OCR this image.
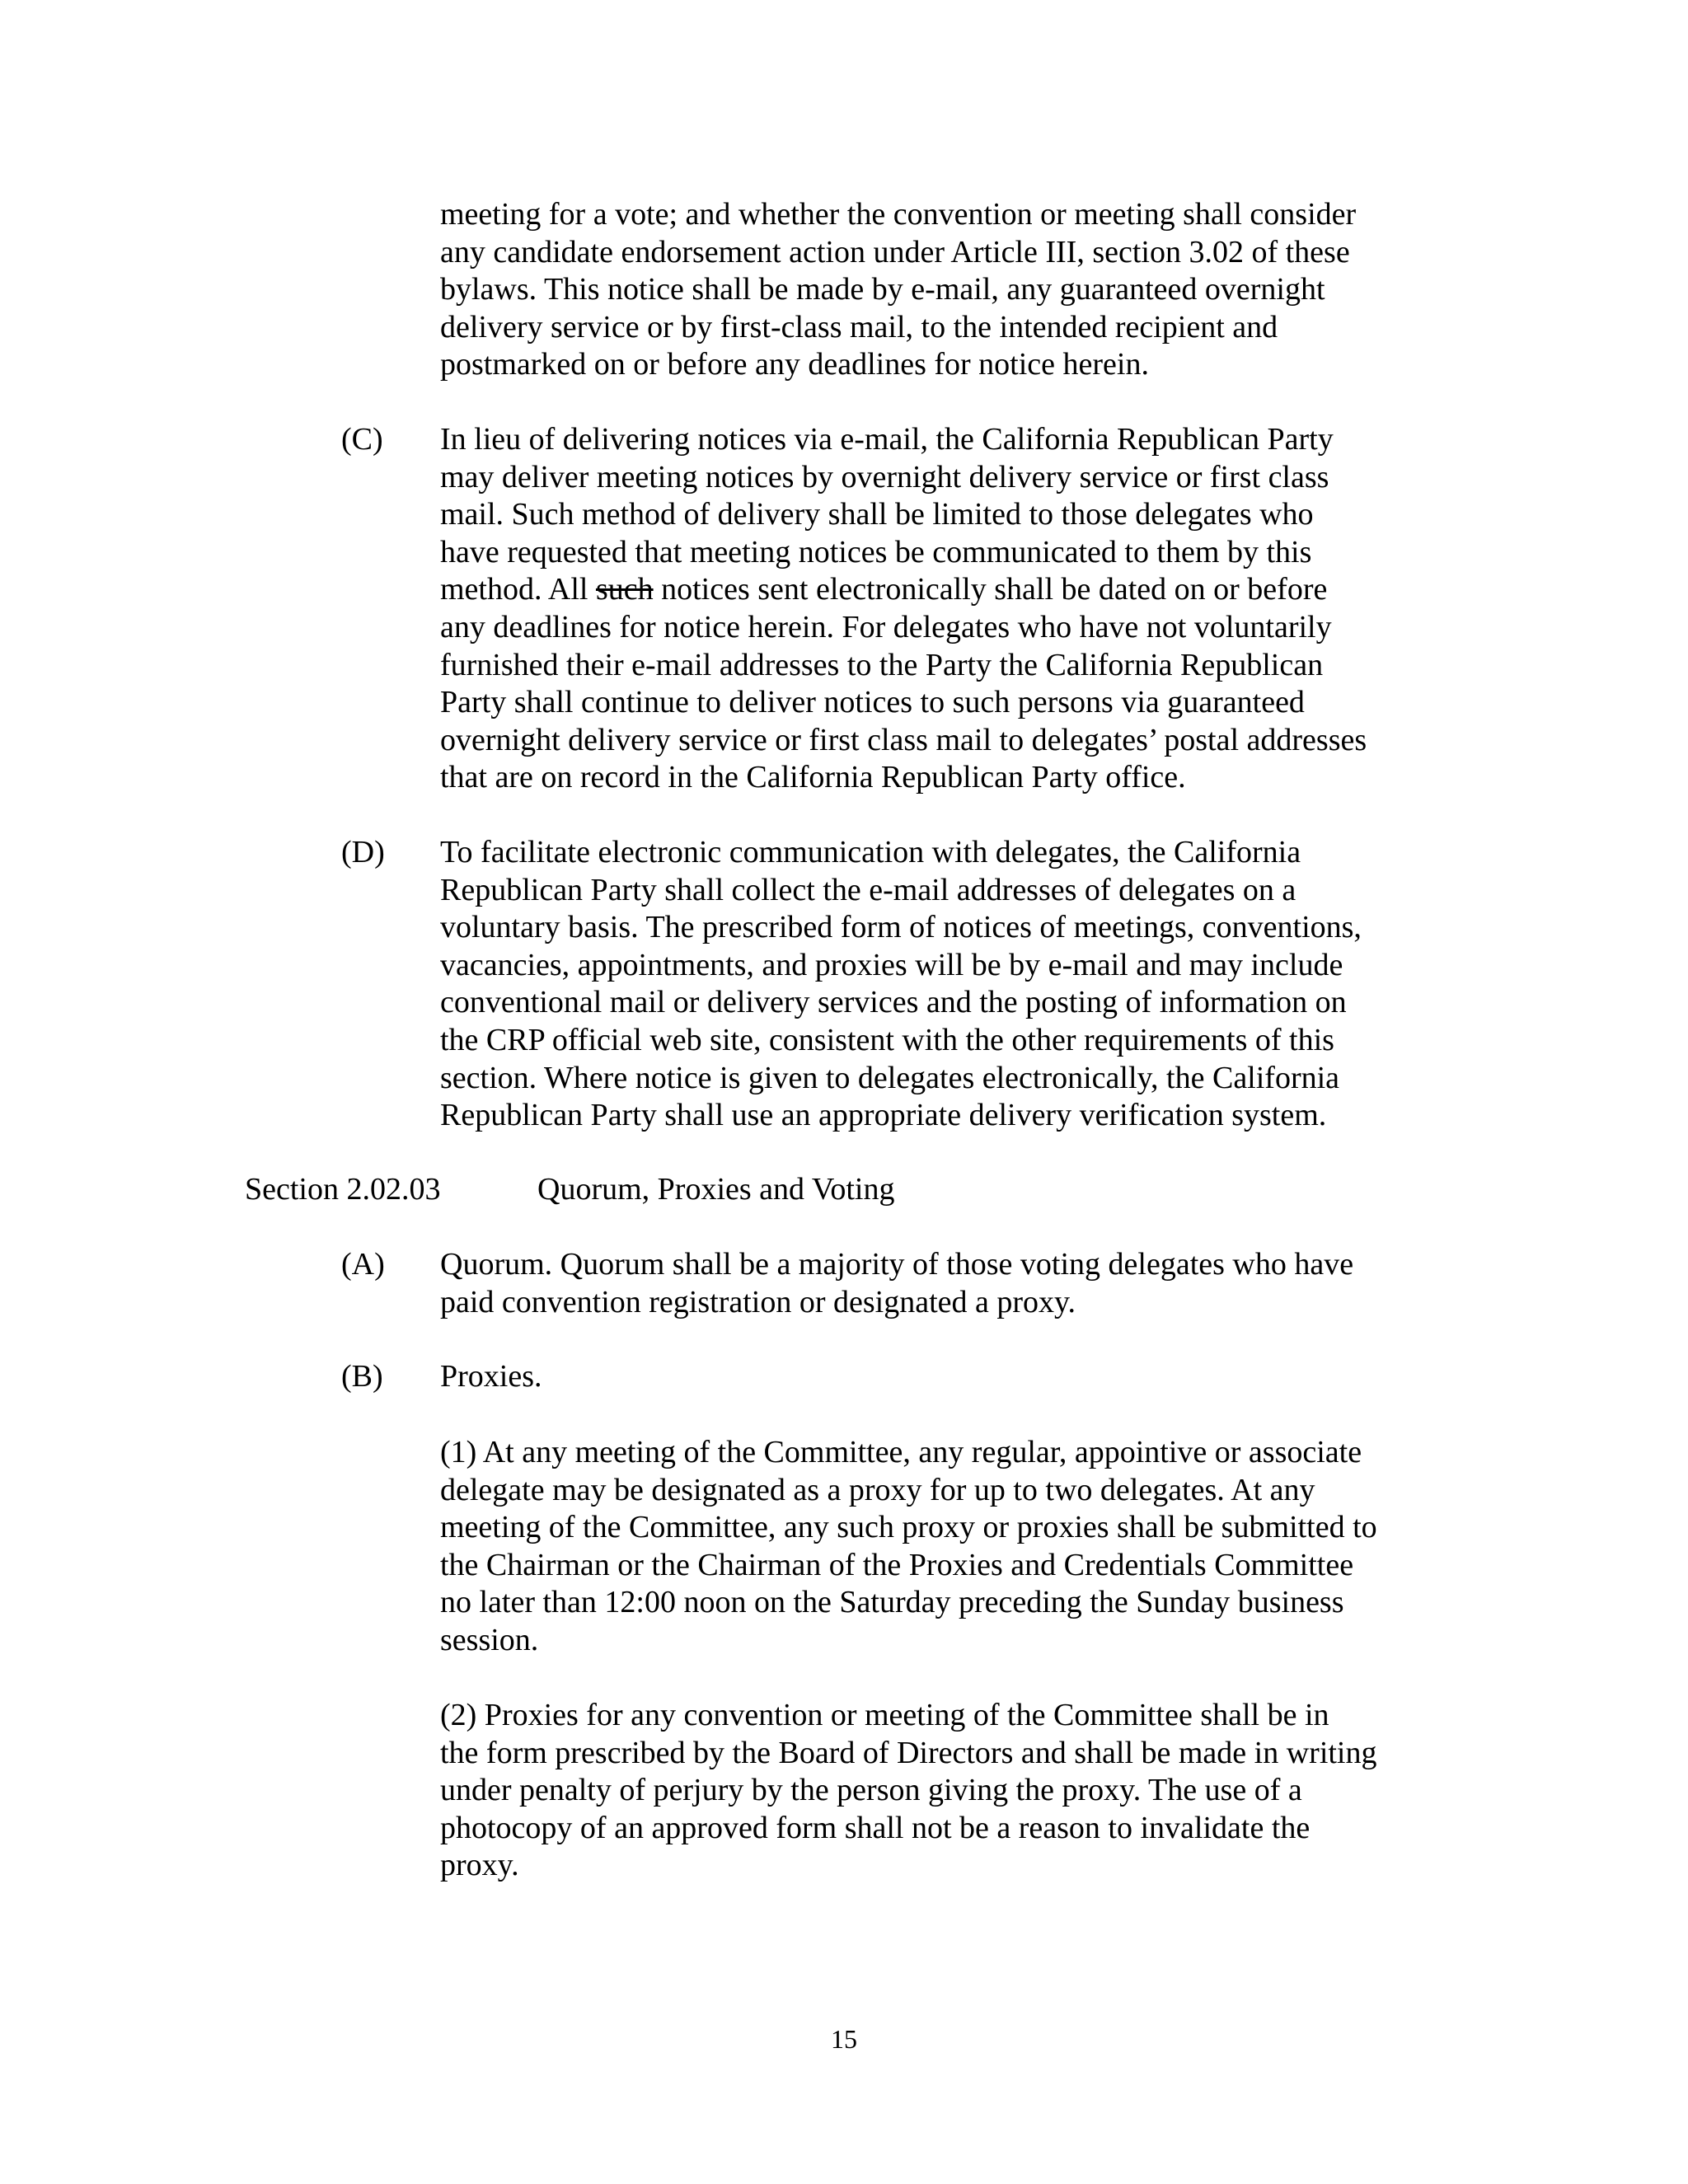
meeting for a vote; and whether the convention or meeting shall consider
any candidate endorsement action under Article III, section 3.02 of these
bylaws. This notice shall be made by e-mail, any guaranteed overnight
delivery service or by first-class mail, to the intended recipient and
postmarked on or before any deadlines for notice herein.
(C) In lieu of delivering notices via e-mail, the California Republican Party
may deliver meeting notices by overnight delivery service or first class
mail. Such method of delivery shall be limited to those delegates who
have requested that meeting notices be communicated to them by this
method. All such notices sent electronically shall be dated on or before
any deadlines for notice herein. For delegates who have not voluntarily
furnished their e-mail addresses to the Party the California Republican
Party shall continue to deliver notices to such persons via guaranteed
overnight delivery service or first class mail to delegates’ postal addresses
that are on record in the California Republican Party office.
(D) To facilitate electronic communication with delegates, the California
Republican Party shall collect the e-mail addresses of delegates on a
voluntary basis. The prescribed form of notices of meetings, conventions,
vacancies, appointments, and proxies will be by e-mail and may include
conventional mail or delivery services and the posting of information on
the CRP official web site, consistent with the other requirements of this
section. Where notice is given to delegates electronically, the California
Republican Party shall use an appropriate delivery verification system.
Section 2.02.03	Quorum, Proxies and Voting
(A) Quorum. Quorum shall be a majority of those voting delegates who have
paid convention registration or designated a proxy.
(B) Proxies.
(1) At any meeting of the Committee, any regular, appointive or associate
delegate may be designated as a proxy for up to two delegates. At any
meeting of the Committee, any such proxy or proxies shall be submitted to
the Chairman or the Chairman of the Proxies and Credentials Committee
no later than 12:00 noon on the Saturday preceding the Sunday business
session.
(2) Proxies for any convention or meeting of the Committee shall be in
the form prescribed by the Board of Directors and shall be made in writing
under penalty of perjury by the person giving the proxy. The use of a
photocopy of an approved form shall not be a reason to invalidate the
proxy.
15
